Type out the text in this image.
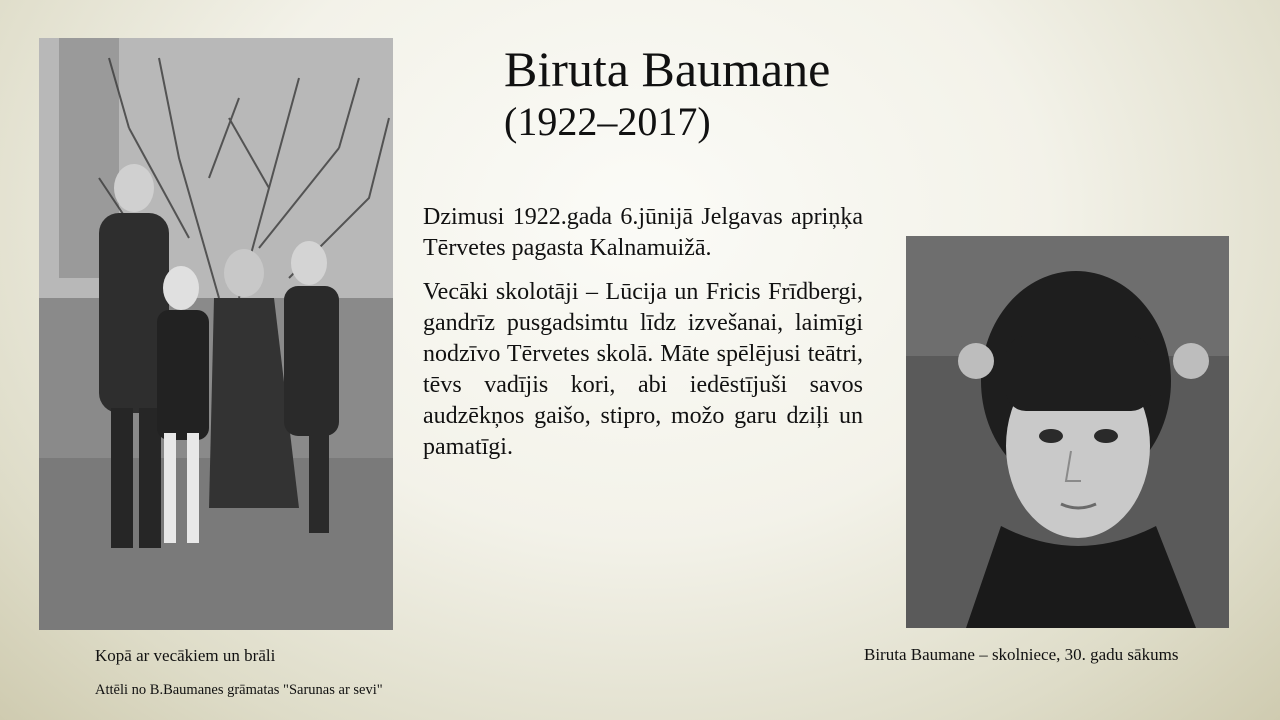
Biruta Baumane
(1922–2017)

Dzimusi 1922.gada 6.jūnijā Jelgavas apriņķa Tērvetes pagasta Kalnamuižā.

Vecāki skolotāji – Lūcija un Fricis Frīdbergi, gandrīz pusgadsimtu līdz izvešanai, laimīgi nodzīvo Tērvetes skolā. Māte spēlējusi teātri, tēvs vadījis kori, abi iedēstījuši savos audzēkņos gaišo, stipro, možo garu dziļi un pamatīgi.

Kopā ar vecākiem un brāli	Biruta Baumane – skolniece, 30. gadu sākums
Attēli no B.Baumanes grāmatas "Sarunas ar sevi"
